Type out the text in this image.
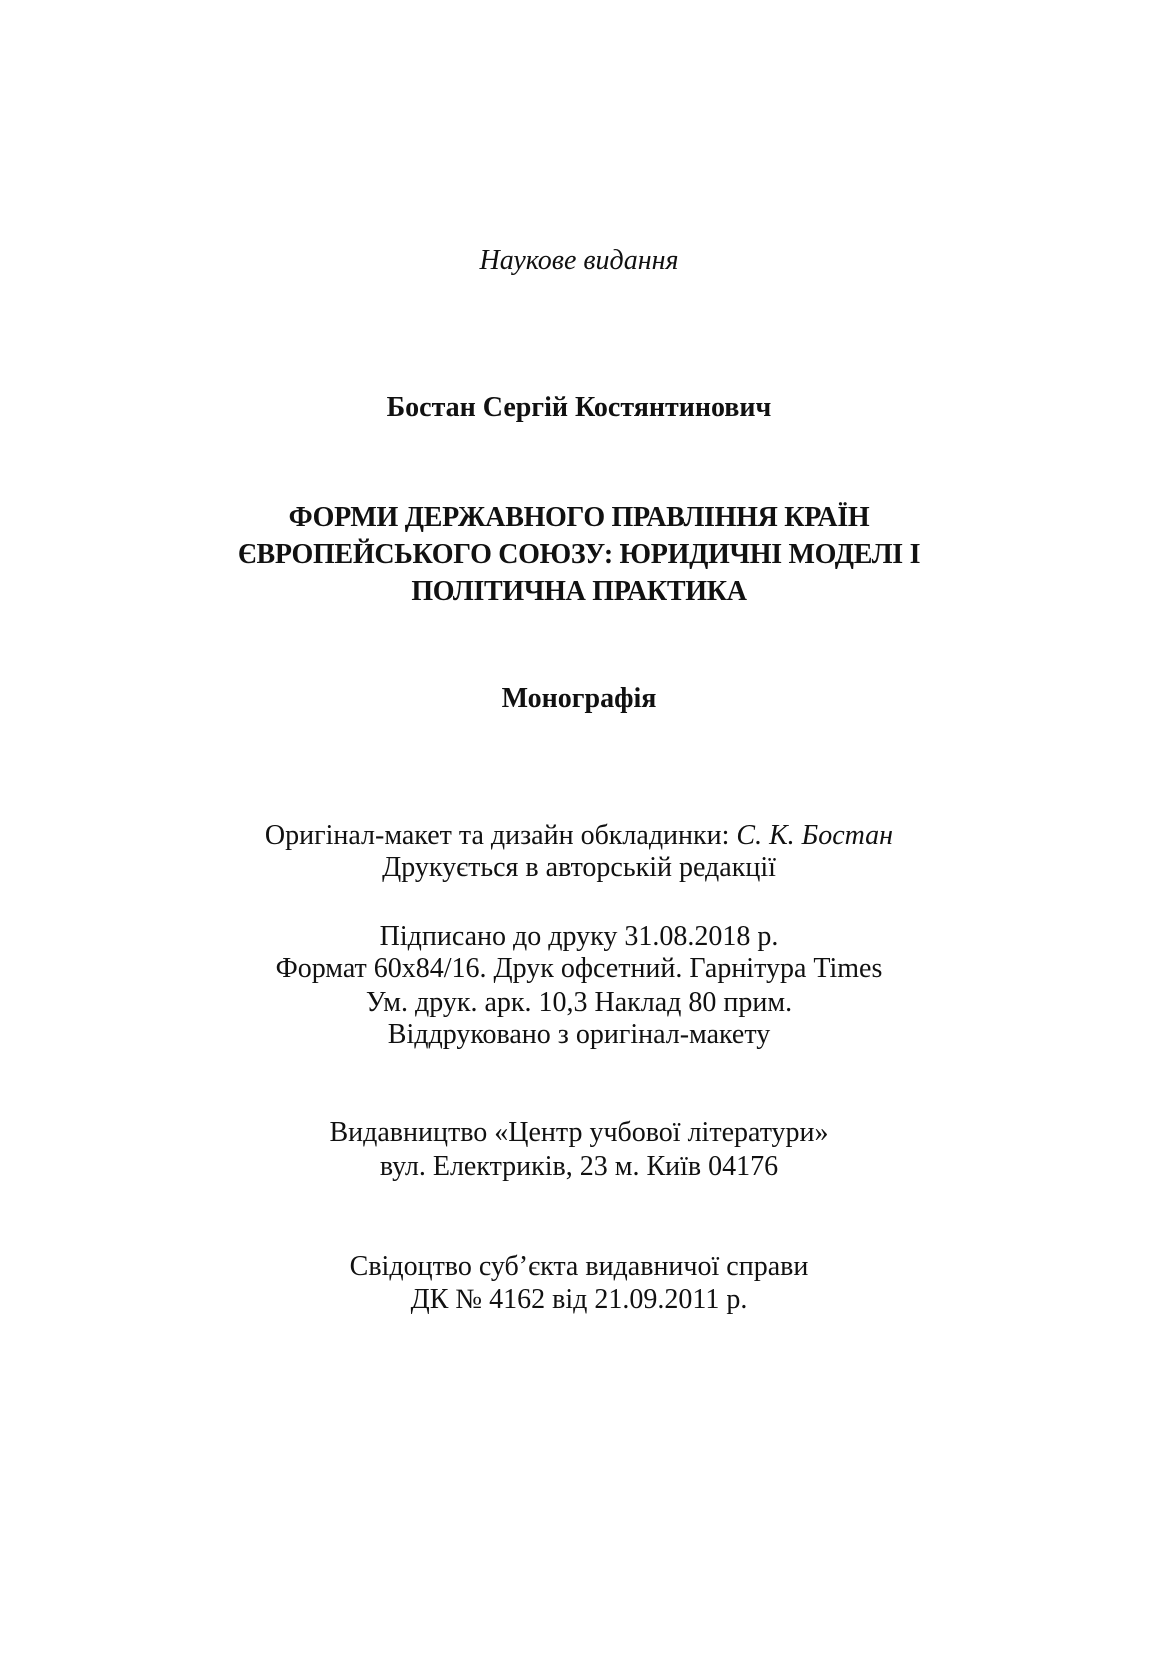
Наукове видання
Бостан Сергій Костянтинович
ФОРМИ ДЕРЖАВНОГО ПРАВЛІННЯ КРАЇН
ЄВРОПЕЙСЬКОГО СОЮЗУ: ЮРИДИЧНІ МОДЕЛІ І
ПОЛІТИЧНА ПРАКТИКА
Монографія
Оригінал-макет та дизайн обкладинки: С. К. Бостан
Друкується в авторській редакції
Підписано до друку 31.08.2018 р.
Формат 60х84/16. Друк офсетний. Гарнітура Times
Ум. друк. арк. 10,3 Наклад 80 прим.
Віддруковано з оригінал-макету
Видавництво «Центр учбової літератури»
вул. Електриків, 23 м. Київ 04176
Свідоцтво суб’єкта видавничої справи
ДК № 4162 від 21.09.2011 р.
